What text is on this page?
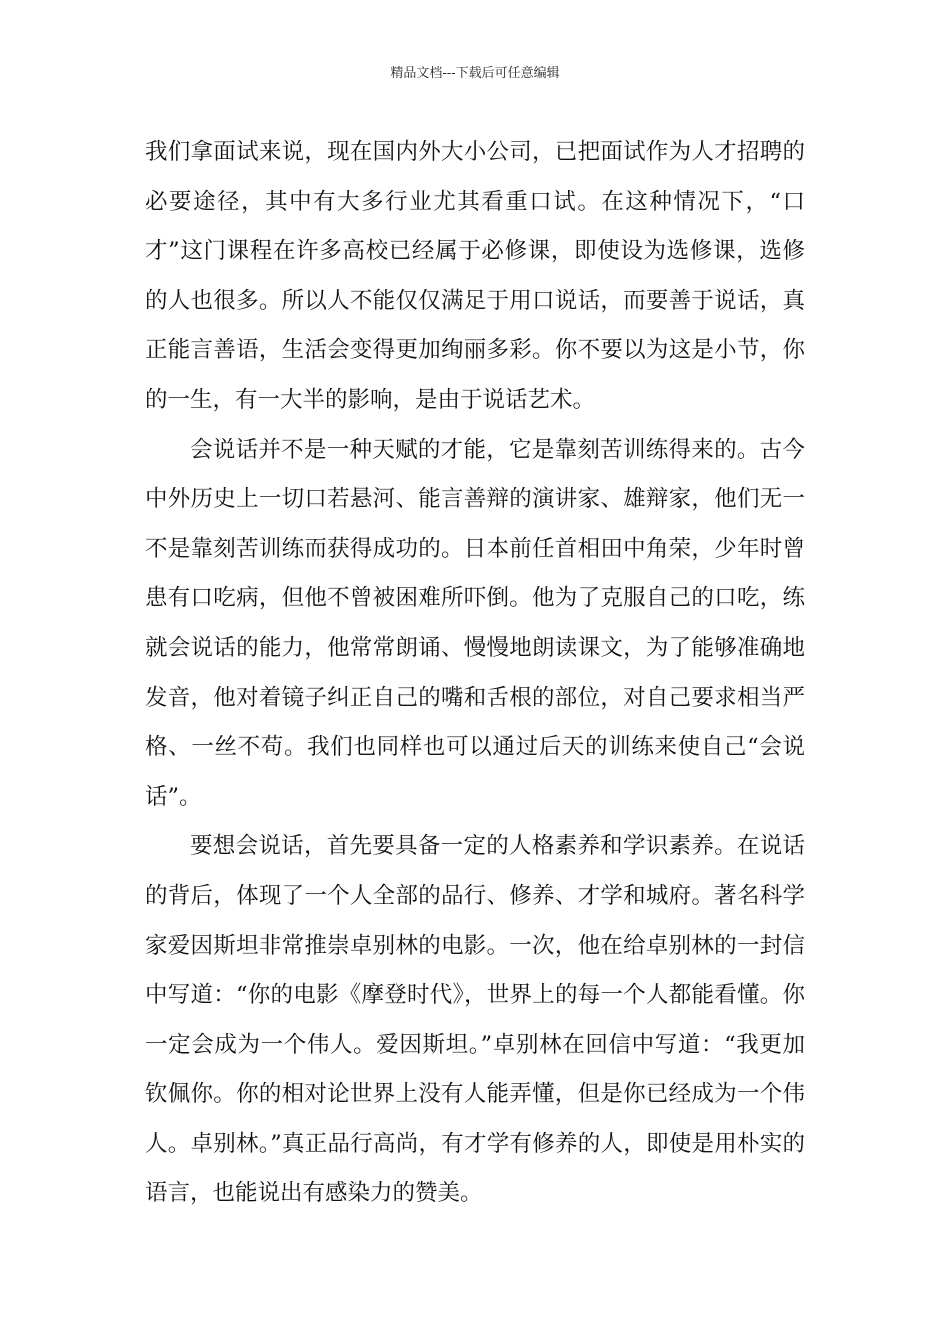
精品文档---下载后可任意编辑

我们拿面试来说，现在国内外大小公司，已把面试作为人才招聘的必要途径，其中有大多行业尤其看重口试。在这种情况下，“口才”这门课程在许多高校已经属于必修课，即使设为选修课，选修的人也很多。所以人不能仅仅满足于用口说话，而要善于说话，真正能言善语，生活会变得更加绚丽多彩。你不要以为这是小节，你的一生，有一大半的影响，是由于说话艺术。

会说话并不是一种天赋的才能，它是靠刻苦训练得来的。古今中外历史上一切口若悬河、能言善辩的演讲家、雄辩家，他们无一不是靠刻苦训练而获得成功的。日本前任首相田中角荣，少年时曾患有口吃病，但他不曾被困难所吓倒。他为了克服自己的口吃，练就会说话的能力，他常常朗诵、慢慢地朗读课文，为了能够准确地发音，他对着镜子纠正自己的嘴和舌根的部位，对自己要求相当严格、一丝不苟。我们也同样也可以通过后天的训练来使自己“会说话”。

要想会说话，首先要具备一定的人格素养和学识素养。在说话的背后，体现了一个人全部的品行、修养、才学和城府。著名科学家爱因斯坦非常推崇卓别林的电影。一次，他在给卓别林的一封信中写道：“你的电影《摩登时代》，世界上的每一个人都能看懂。你一定会成为一个伟人。爱因斯坦。”卓别林在回信中写道：“我更加钦佩你。你的相对论世界上没有人能弄懂，但是你已经成为一个伟人。卓别林。”真正品行高尚，有才学有修养的人，即使是用朴实的语言，也能说出有感染力的赞美。
